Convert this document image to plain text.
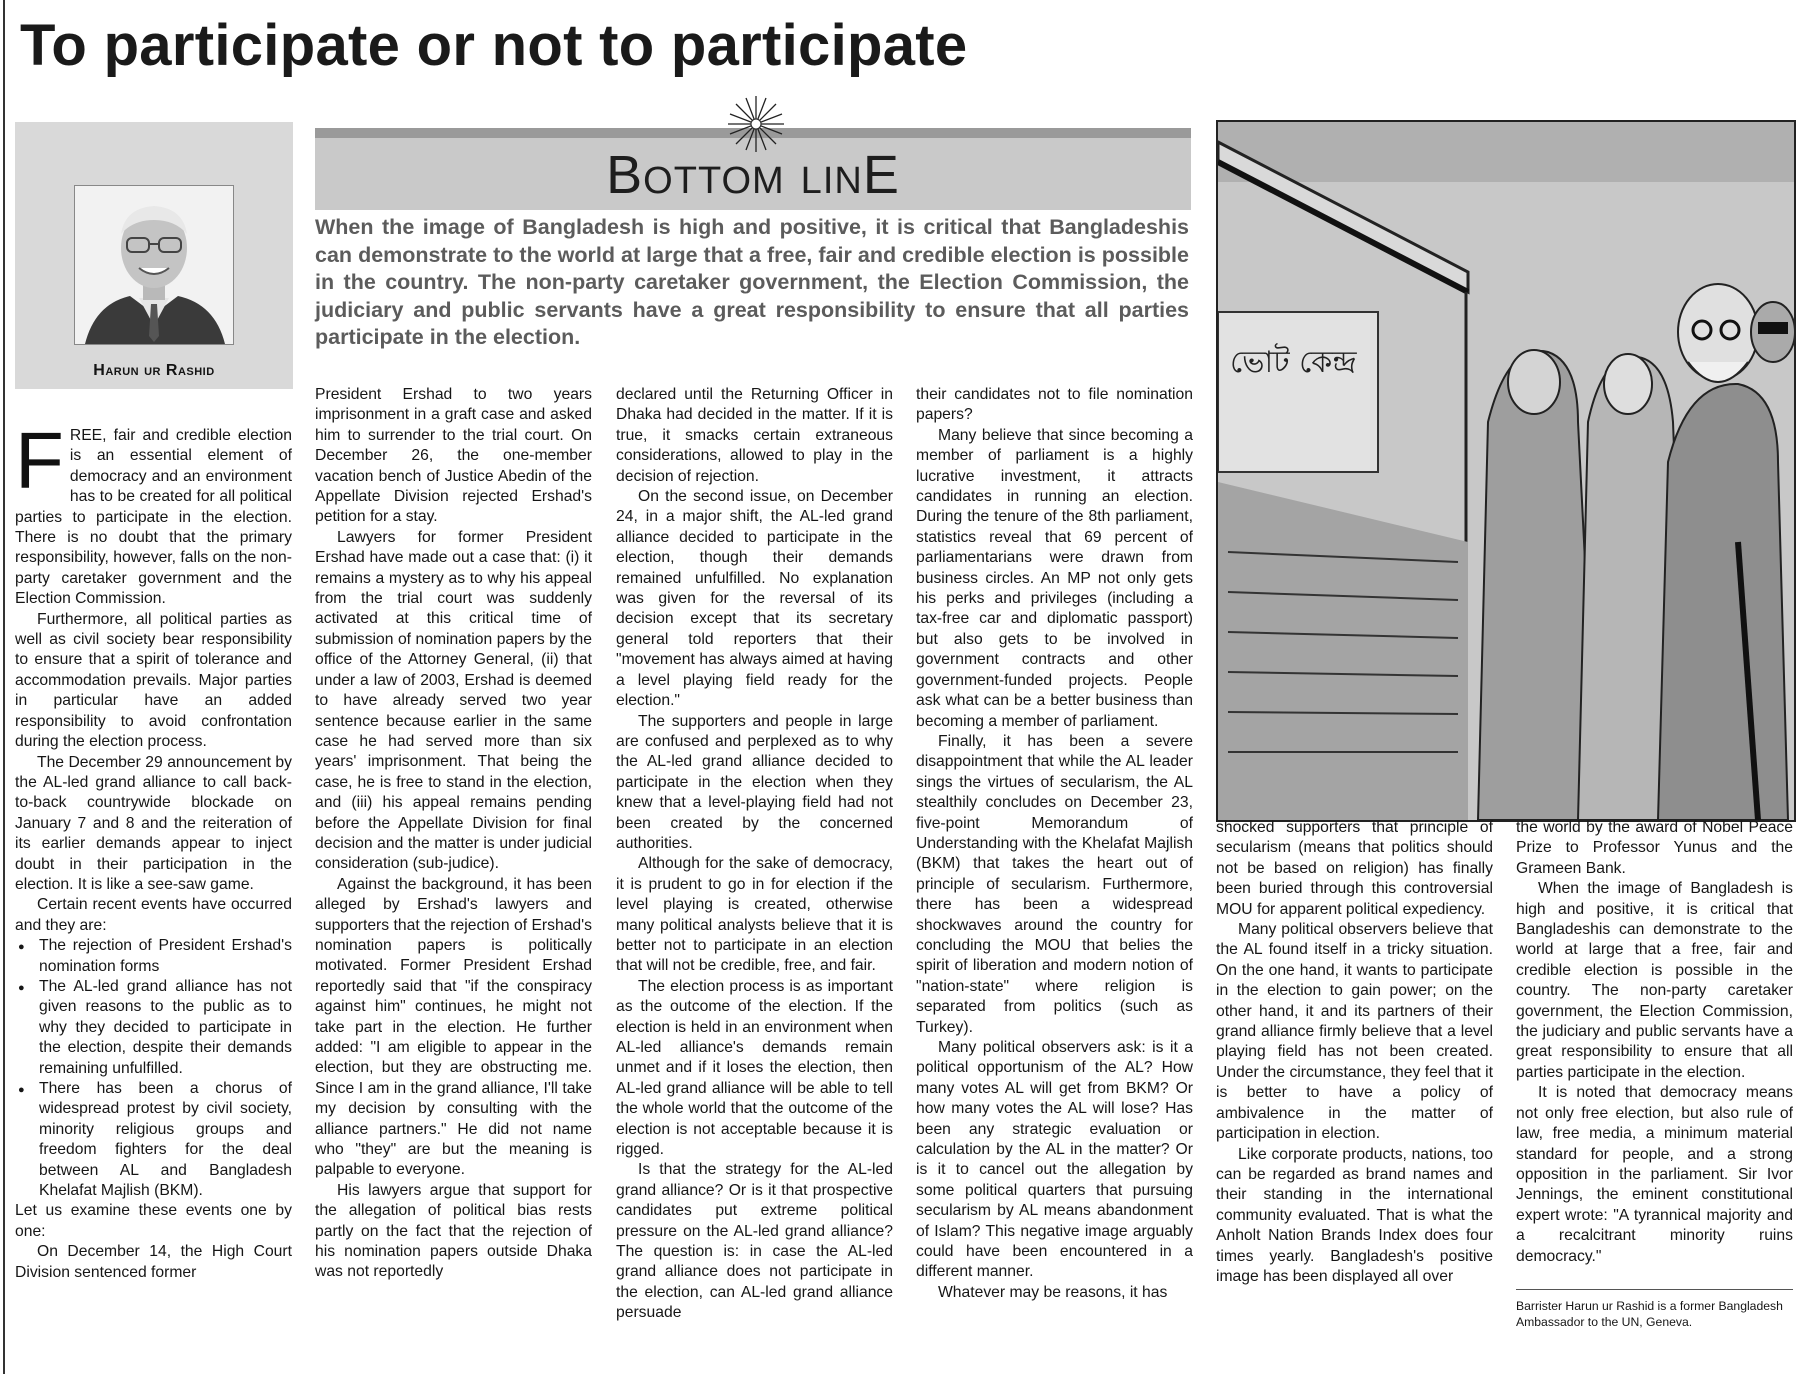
To participate or not to participate
Harun ur Rashid
Bottom linE

When the image of Bangladesh is high and positive, it is critical that Bangladeshis can demonstrate to the world at large that a free, fair and credible election is possible in the country. The non-party caretaker government, the Election Commission, the judiciary and public servants have a great responsibility to ensure that all parties participate in the election.

ভোট কেন্দ্র

FREE, fair and credible election is an essential element of democracy and an environment has to be created for all political parties to participate in the election. There is no doubt that the primary responsibility, however, falls on the non-party caretaker government and the Election Commission.

Furthermore, all political parties as well as civil society bear responsibility to ensure that a spirit of tolerance and accommodation prevails. Major parties in particular have an added responsibility to avoid confrontation during the election process.

The December 29 announcement by the AL-led grand alliance to call back-to-back countrywide blockade on January 7 and 8 and the reiteration of its earlier demands appear to inject doubt in their participation in the election. It is like a see-saw game.

Certain recent events have occurred and they are:

● The rejection of President Ershad's nomination forms
● The AL-led grand alliance has not given reasons to the public as to why they decided to participate in the election, despite their demands remaining unfulfilled.
● There has been a chorus of widespread protest by civil society, minority religious groups and freedom fighters for the deal between AL and Bangladesh Khelafat Majlish (BKM).

Let us examine these events one by one:

On December 14, the High Court Division sentenced former

President Ershad to two years imprisonment in a graft case and asked him to surrender to the trial court. On December 26, the one-member vacation bench of Justice Abedin of the Appellate Division rejected Ershad's petition for a stay.

Lawyers for former President Ershad have made out a case that: (i) it remains a mystery as to why his appeal from the trial court was suddenly activated at this critical time of submission of nomination papers by the office of the Attorney General, (ii) that under a law of 2003, Ershad is deemed to have already served two year sentence because earlier in the same case he had served more than six years' imprisonment. That being the case, he is free to stand in the election, and (iii) his appeal remains pending before the Appellate Division for final decision and the matter is under judicial consideration (sub-judice).

Against the background, it has been alleged by Ershad's lawyers and supporters that the rejection of Ershad's nomination papers is politically motivated. Former President Ershad reportedly said that "if the conspiracy against him" continues, he might not take part in the election. He further added: "I am eligible to appear in the election, but they are obstructing me. Since I am in the grand alliance, I'll take my decision by consulting with the alliance partners." He did not name who "they" are but the meaning is palpable to everyone.

His lawyers argue that support for the allegation of political bias rests partly on the fact that the rejection of his nomination papers outside Dhaka was not reportedly

declared until the Returning Officer in Dhaka had decided in the matter. If it is true, it smacks certain extraneous considerations, allowed to play in the decision of rejection.

On the second issue, on December 24, in a major shift, the AL-led grand alliance decided to participate in the election, though their demands remained unfulfilled. No explanation was given for the reversal of its decision except that its secretary general told reporters that their "movement has always aimed at having a level playing field ready for the election."

The supporters and people in large are confused and perplexed as to why the AL-led grand alliance decided to participate in the election when they knew that a level-playing field had not been created by the concerned authorities.

Although for the sake of democracy, it is prudent to go in for election if the level playing is created, otherwise many political analysts believe that it is better not to participate in an election that will not be credible, free, and fair.

The election process is as important as the outcome of the election. If the election is held in an environment when AL-led alliance's demands remain unmet and if it loses the election, then AL-led grand alliance will be able to tell the whole world that the outcome of the election is not acceptable because it is rigged.

Is that the strategy for the AL-led grand alliance? Or is it that prospective candidates put extreme political pressure on the AL-led grand alliance? The question is: in case the AL-led grand alliance does not participate in the election, can AL-led grand alliance persuade

their candidates not to file nomination papers?

Many believe that since becoming a member of parliament is a highly lucrative investment, it attracts candidates in running an election. During the tenure of the 8th parliament, statistics reveal that 69 percent of parliamentarians were drawn from business circles. An MP not only gets his perks and privileges (including a tax-free car and diplomatic passport) but also gets to be involved in government contracts and other government-funded projects. People ask what can be a better business than becoming a member of parliament.

Finally, it has been a severe disappointment that while the AL leader sings the virtues of secularism, the AL stealthily concludes on December 23, five-point Memorandum of Understanding with the Khelafat Majlish (BKM) that takes the heart out of principle of secularism. Furthermore, there has been a widespread shockwaves around the country for concluding the MOU that belies the spirit of liberation and modern notion of "nation-state" where religion is separated from politics (such as Turkey).

Many political observers ask: is it a political opportunism of the AL? How many votes AL will get from BKM? Or how many votes the AL will lose? Has been any strategic evaluation or calculation by the AL in the matter? Or is it to cancel out the allegation by some political quarters that pursuing secularism by AL means abandonment of Islam? This negative image arguably could have been encountered in a different manner.

Whatever may be reasons, it has

shocked supporters that principle of secularism (means that politics should not be based on religion) has finally been buried through this controversial MOU for apparent political expediency.

Many political observers believe that the AL found itself in a tricky situation. On the one hand, it wants to participate in the election to gain power; on the other hand, it and its partners of their grand alliance firmly believe that a level playing field has not been created. Under the circumstance, they feel that it is better to have a policy of ambivalence in the matter of participation in election.

Like corporate products, nations, too can be regarded as brand names and their standing in the international community evaluated. That is what the Anholt Nation Brands Index does four times yearly. Bangladesh's positive image has been displayed all over

the world by the award of Nobel Peace Prize to Professor Yunus and the Grameen Bank.

When the image of Bangladesh is high and positive, it is critical that Bangladeshis can demonstrate to the world at large that a free, fair and credible election is possible in the country. The non-party caretaker government, the Election Commission, the judiciary and public servants have a great responsibility to ensure that all parties participate in the election.

It is noted that democracy means not only free election, but also rule of law, free media, a minimum material standard for people, and a strong opposition in the parliament. Sir Ivor Jennings, the eminent constitutional expert wrote: "A tyrannical majority and a recalcitrant minority ruins democracy."

Barrister Harun ur Rashid is a former Bangladesh Ambassador to the UN, Geneva.
